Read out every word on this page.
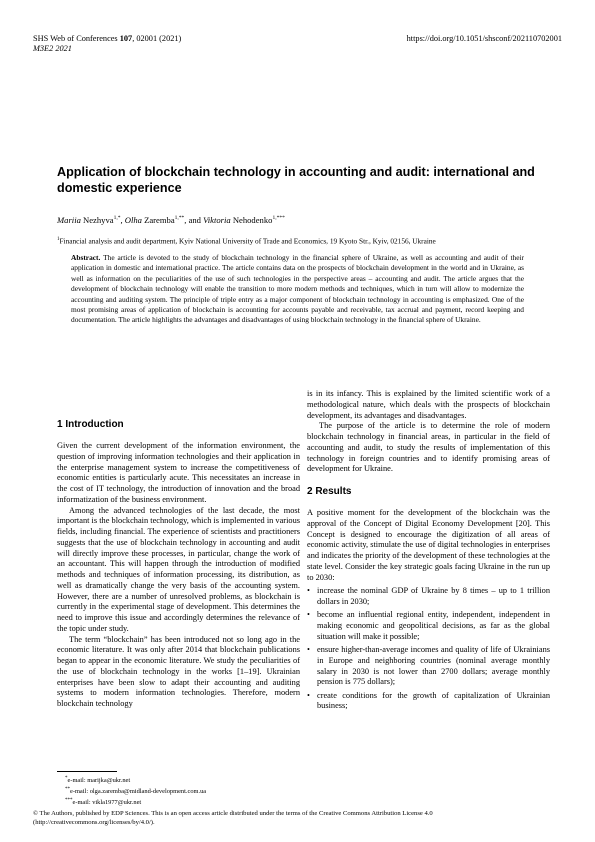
SHS Web of Conferences 107, 02001 (2021)
M3E2 2021
https://doi.org/10.1051/shsconf/202110702001
Application of blockchain technology in accounting and audit: international and domestic experience
Mariia Nezhyva$^{1,*}$, Olha Zaremba$^{1,**}$, and Viktoria Nehodenko$^{1,***}$
$^1$Financial analysis and audit department, Kyiv National University of Trade and Economics, 19 Kyoto Str., Kyiv, 02156, Ukraine
Abstract. The article is devoted to the study of blockchain technology in the financial sphere of Ukraine, as well as accounting and audit of their application in domestic and international practice. The article contains data on the prospects of blockchain development in the world and in Ukraine, as well as information on the peculiarities of the use of such technologies in the perspective areas – accounting and audit. The article argues that the development of blockchain technology will enable the transition to more modern methods and techniques, which in turn will allow to modernize the accounting and auditing system. The principle of triple entry as a major component of blockchain technology in accounting is emphasized. One of the most promising areas of application of blockchain is accounting for accounts payable and receivable, tax accrual and payment, record keeping and documentation. The article highlights the advantages and disadvantages of using blockchain technology in the financial sphere of Ukraine.
1 Introduction

Given the current development of the information environment, the question of improving information technologies and their application in the enterprise management system to increase the competitiveness of economic entities is particularly acute. This necessitates an increase in the cost of IT technology, the introduction of innovation and the broad informatization of the business environment.

Among the advanced technologies of the last decade, the most important is the blockchain technology, which is implemented in various fields, including financial. The experience of scientists and practitioners suggests that the use of blockchain technology in accounting and audit will directly improve these processes, in particular, change the work of an accountant. This will happen through the introduction of modified methods and techniques of information processing, its distribution, as well as dramatically change the very basis of the accounting system. However, there are a number of unresolved problems, as blockchain is currently in the experimental stage of development. This determines the need to improve this issue and accordingly determines the relevance of the topic under study.

The term “blockchain” has been introduced not so long ago in the economic literature. It was only after 2014 that blockchain publications began to appear in the economic literature. We study the peculiarities of the use of blockchain technology in the works [1–19]. Ukrainian enterprises have been slow to adapt their accounting and auditing systems to modern information technologies. Therefore, modern blockchain technology

is in its infancy. This is explained by the limited scientific work of a methodological nature, which deals with the prospects of blockchain development, its advantages and disadvantages.

The purpose of the article is to determine the role of modern blockchain technology in financial areas, in particular in the field of accounting and audit, to study the results of implementation of this technology in foreign countries and to identify promising areas of development for Ukraine.

2 Results

A positive moment for the development of the blockchain was the approval of the Concept of Digital Economy Development [20]. This Concept is designed to encourage the digitization of all areas of economic activity, stimulate the use of digital technologies in enterprises and indicates the priority of the development of these technologies at the state level. Consider the key strategic goals facing Ukraine in the run up to 2030:

• increase the nominal GDP of Ukraine by 8 times – up to 1 trillion dollars in 2030;
• become an influential regional entity, independent, independent in making economic and geopolitical decisions, as far as the global situation will make it possible;
• ensure higher-than-average incomes and quality of life of Ukrainians in Europe and neighboring countries (nominal average monthly salary in 2030 is not lower than 2700 dollars; average monthly pension is 775 dollars);
• create conditions for the growth of capitalization of Ukrainian business;
*e-mail: marijka@ukr.net
**e-mail: olga.zaremba@midland-development.com.ua
***e-mail: vikla1977@ukr.net
© The Authors, published by EDP Sciences. This is an open access article distributed under the terms of the Creative Commons Attribution License 4.0
(http://creativecommons.org/licenses/by/4.0/).
